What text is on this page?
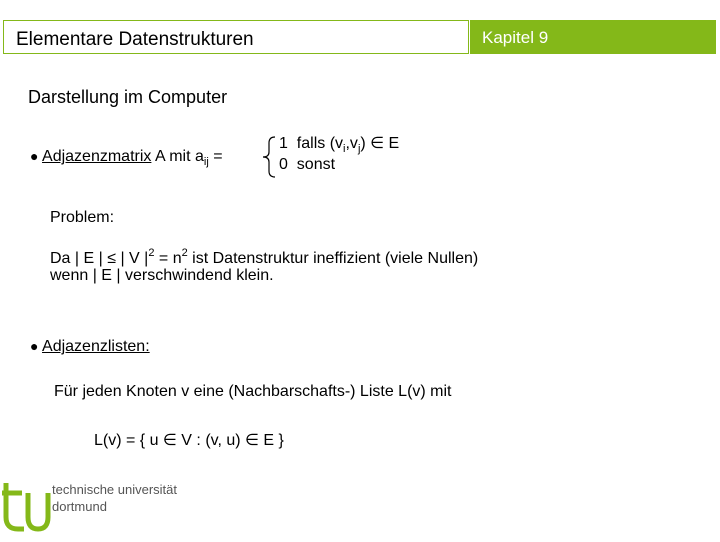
Elementare Datenstrukturen	Kapitel 9
Darstellung im Computer
● Adjazenzmatrix A mit $a_{ij}$ =
1 falls $(v_i,v_j)$ ∈ E
0 sonst
Problem:
Da | E | ≤ | V $|^2 = n^2$ ist Datenstruktur ineffizient (viele Nullen)
wenn | E | verschwindend klein.
● Adjazenzlisten:
Für jeden Knoten v eine (Nachbarschafts-) Liste L(v) mit
L(v) = { u ∈ V : (v, u) ∈ E }
technische universität
dortmund
